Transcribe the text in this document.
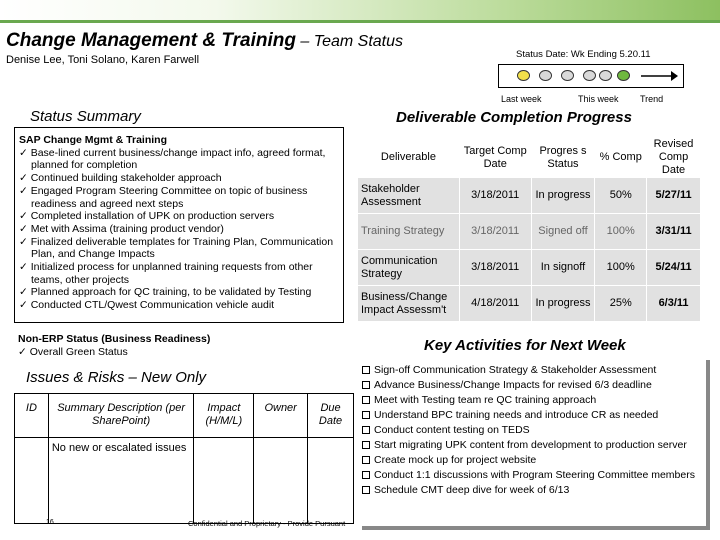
Change Management & Training – Team Status
Denise Lee, Toni Solano, Karen Farwell	Status Date: Wk Ending 5.20.11
Last week	This week Trend
Status Summary	Deliverable Completion Progress
SAP Change Mgmt & Training
✓ Base-lined current business/change impact info, agreed format, planned for completion
✓ Continued building stakeholder approach
✓ Engaged Program Steering Committee on topic of business readiness and agreed next steps
✓ Completed installation of UPK on production servers
✓ Met with Assima (training product vendor)
✓ Finalized deliverable templates for Training Plan, Communication Plan, and Change Impacts
✓ Initialized process for unplanned training requests from other teams, other projects
✓ Planned approach for QC training, to be validated by Testing
✓ Conducted CTL/Qwest Communication vehicle audit
Non-ERP Status (Business Readiness)
✓ Overall Green Status
Deliverable	Target Comp Date	Progres s Status	% Comp	Revised Comp Date
Stakeholder Assessment	3/18/2011	In progress	50%	5/27/11
Training Strategy	3/18/2011	Signed off	100%	3/31/11
Communication Strategy	3/18/2011	In signoff	100%	5/24/11
Business/Change Impact Assessm't	4/18/2011	In progress	25%	6/3/11
Issues & Risks – New Only
ID	Summary Description (per SharePoint)	Impact (H/M/L)	Owner	Due Date
	No new or escalated issues			
16	Confidential and Proprietary - Provide Pursuant
Key Activities for Next Week
Sign-off Communication Strategy & Stakeholder Assessment
Advance Business/Change Impacts for revised 6/3 deadline
Meet with Testing team re QC training approach
Understand BPC training needs and introduce CR as needed
Conduct content testing on TEDS
Start migrating UPK content from development to production server
Create mock up for project website
Conduct 1:1 discussions with Program Steering Committee members
Schedule CMT deep dive for week of 6/13
